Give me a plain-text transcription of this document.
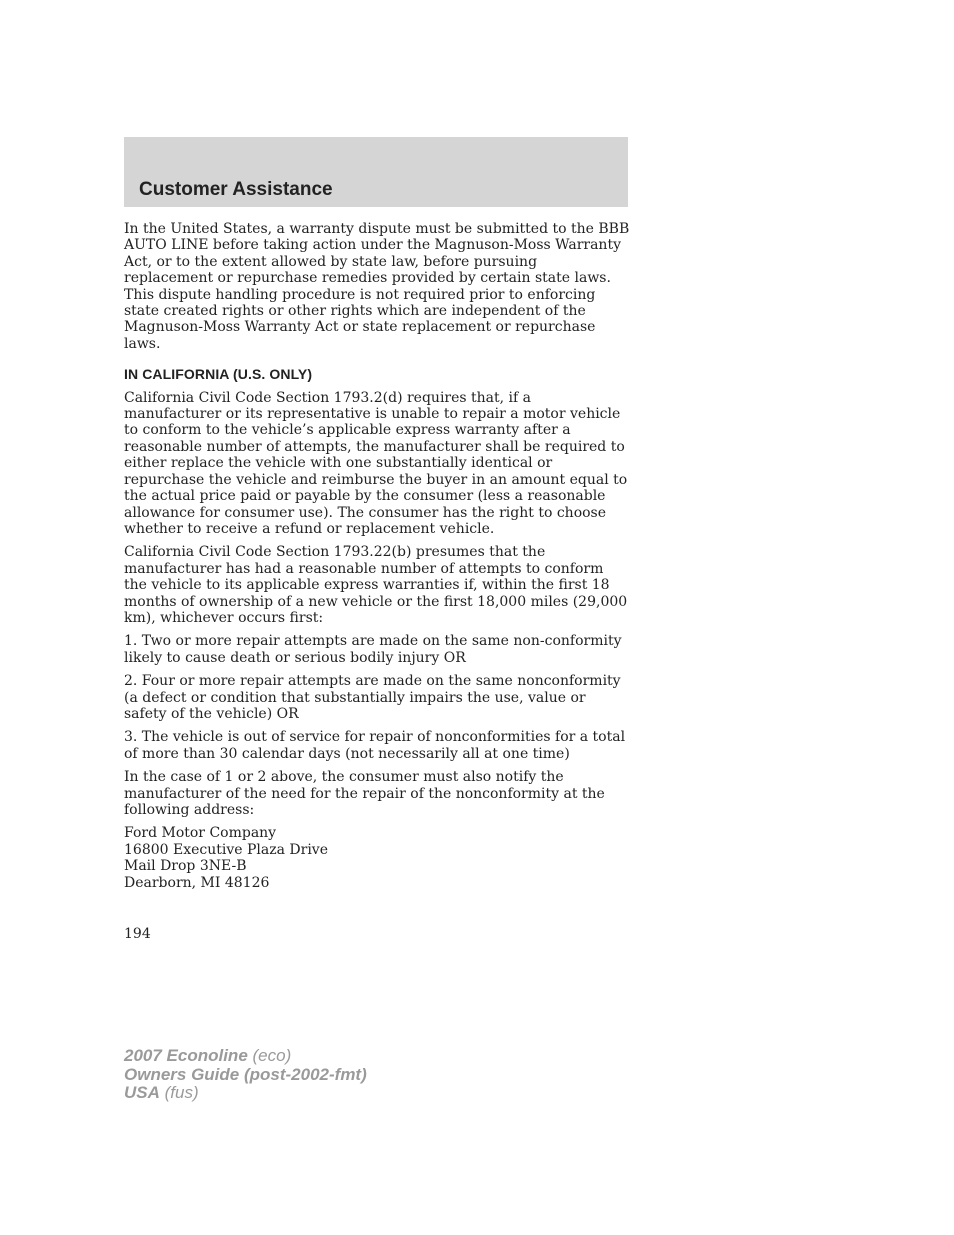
Customer Assistance

In the United States, a warranty dispute must be submitted to the BBB AUTO LINE before taking action under the Magnuson-Moss Warranty Act, or to the extent allowed by state law, before pursuing replacement or repurchase remedies provided by certain state laws. This dispute handling procedure is not required prior to enforcing state created rights or other rights which are independent of the Magnuson-Moss Warranty Act or state replacement or repurchase laws.

IN CALIFORNIA (U.S. ONLY)

California Civil Code Section 1793.2(d) requires that, if a manufacturer or its representative is unable to repair a motor vehicle to conform to the vehicle’s applicable express warranty after a reasonable number of attempts, the manufacturer shall be required to either replace the vehicle with one substantially identical or repurchase the vehicle and reimburse the buyer in an amount equal to the actual price paid or payable by the consumer (less a reasonable allowance for consumer use). The consumer has the right to choose whether to receive a refund or replacement vehicle.

California Civil Code Section 1793.22(b) presumes that the manufacturer has had a reasonable number of attempts to conform the vehicle to its applicable express warranties if, within the first 18 months of ownership of a new vehicle or the first 18,000 miles (29,000 km), whichever occurs first:

1. Two or more repair attempts are made on the same non-conformity likely to cause death or serious bodily injury OR

2. Four or more repair attempts are made on the same nonconformity (a defect or condition that substantially impairs the use, value or safety of the vehicle) OR

3. The vehicle is out of service for repair of nonconformities for a total of more than 30 calendar days (not necessarily all at one time)

In the case of 1 or 2 above, the consumer must also notify the manufacturer of the need for the repair of the nonconformity at the following address:

Ford Motor Company
16800 Executive Plaza Drive
Mail Drop 3NE-B
Dearborn, MI 48126
194
2007 Econoline (eco)
Owners Guide (post-2002-fmt)
USA (fus)
